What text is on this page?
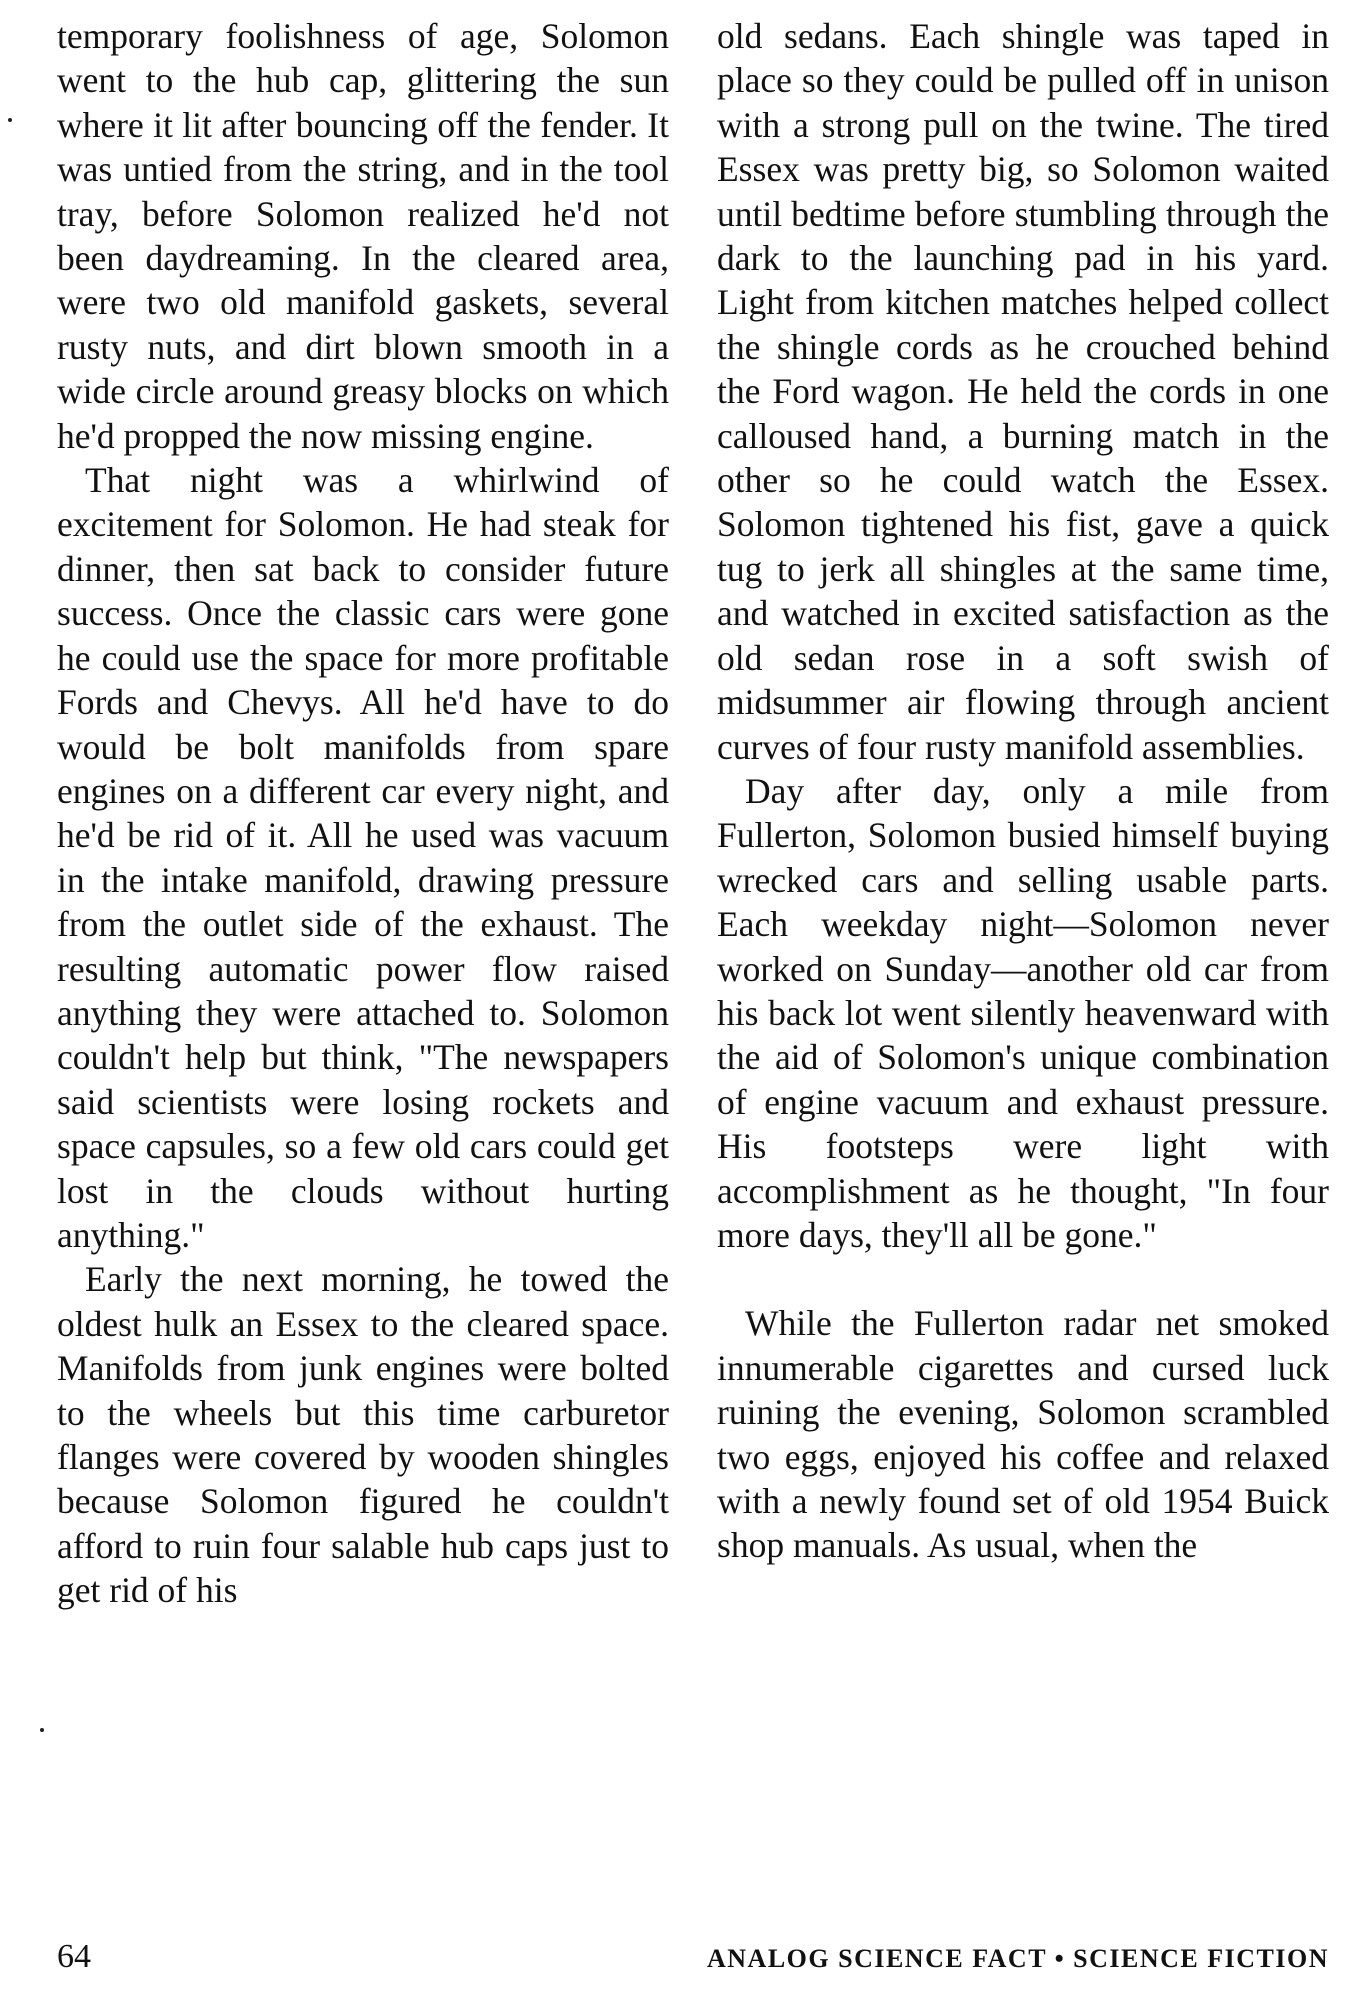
temporary foolishness of age, Solomon went to the hub cap, glittering the sun where it lit after bouncing off the fender. It was untied from the string, and in the tool tray, before Solomon realized he'd not been daydreaming. In the cleared area, were two old manifold gaskets, several rusty nuts, and dirt blown smooth in a wide circle around greasy blocks on which he'd propped the now missing engine.

That night was a whirlwind of excitement for Solomon. He had steak for dinner, then sat back to consider future success. Once the classic cars were gone he could use the space for more profitable Fords and Chevys. All he'd have to do would be bolt manifolds from spare engines on a different car every night, and he'd be rid of it. All he used was vacuum in the intake manifold, drawing pressure from the outlet side of the exhaust. The resulting automatic power flow raised anything they were attached to. Solomon couldn't help but think, "The newspapers said scientists were losing rockets and space capsules, so a few old cars could get lost in the clouds without hurting anything."

Early the next morning, he towed the oldest hulk an Essex to the cleared space. Manifolds from junk engines were bolted to the wheels but this time carburetor flanges were covered by wooden shingles because Solomon figured he couldn't afford to ruin four salable hub caps just to get rid of his

old sedans. Each shingle was taped in place so they could be pulled off in unison with a strong pull on the twine. The tired Essex was pretty big, so Solomon waited until bedtime before stumbling through the dark to the launching pad in his yard. Light from kitchen matches helped collect the shingle cords as he crouched behind the Ford wagon. He held the cords in one calloused hand, a burning match in the other so he could watch the Essex. Solomon tightened his fist, gave a quick tug to jerk all shingles at the same time, and watched in excited satisfaction as the old sedan rose in a soft swish of midsummer air flowing through ancient curves of four rusty manifold assemblies.

Day after day, only a mile from Fullerton, Solomon busied himself buying wrecked cars and selling usable parts. Each weekday night—Solomon never worked on Sunday—another old car from his back lot went silently heavenward with the aid of Solomon's unique combination of engine vacuum and exhaust pressure. His footsteps were light with accomplishment as he thought, "In four more days, they'll all be gone."

While the Fullerton radar net smoked innumerable cigarettes and cursed luck ruining the evening, Solomon scrambled two eggs, enjoyed his coffee and relaxed with a newly found set of old 1954 Buick shop manuals. As usual, when the

64	ANALOG SCIENCE FACT • SCIENCE FICTION
